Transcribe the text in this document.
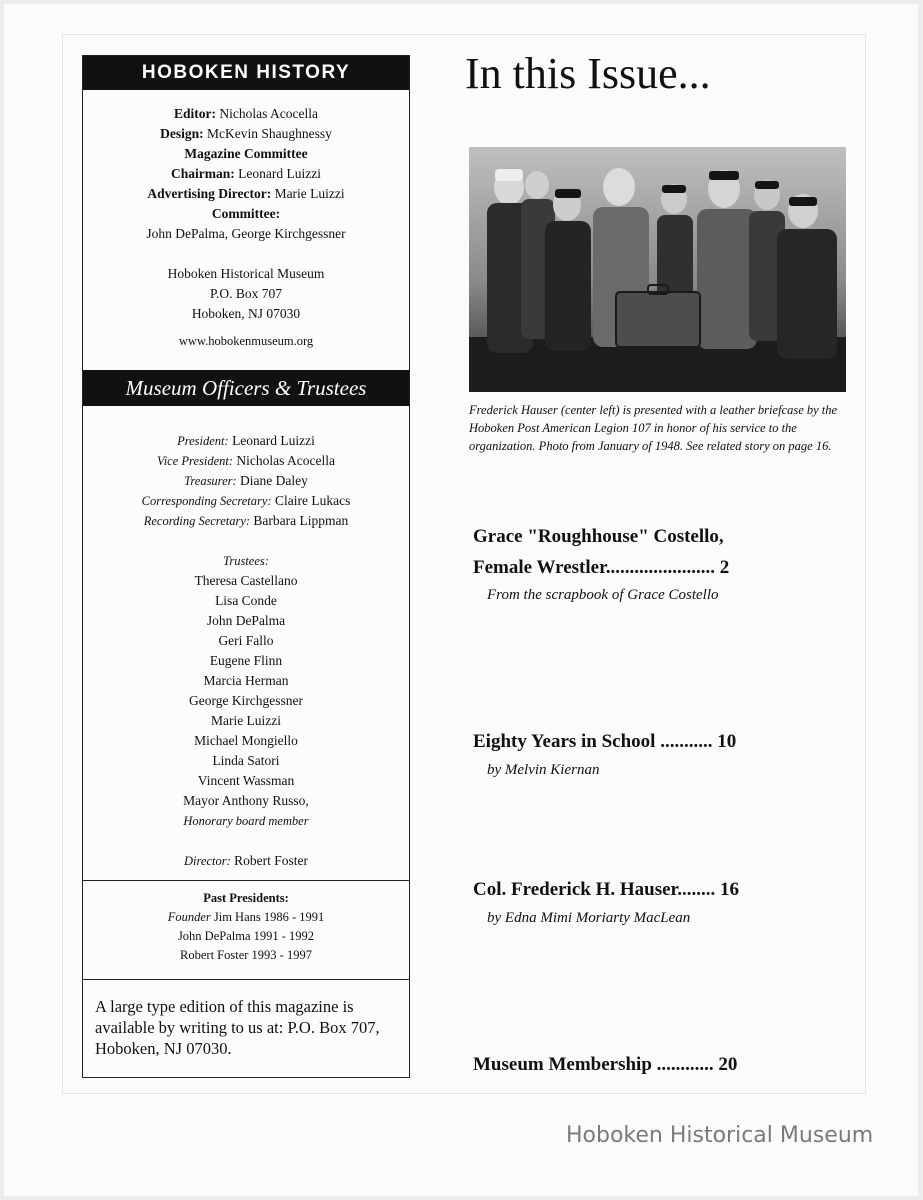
HOBOKEN HISTORY
Editor: Nicholas Acocella
Design: McKevin Shaughnessy
Magazine Committee
Chairman: Leonard Luizzi
Advertising Director: Marie Luizzi
Committee:
John DePalma, George Kirchgessner
Hoboken Historical Museum
P.O. Box 707
Hoboken, NJ 07030
www.hobokenmuseum.org
Museum Officers & Trustees
President: Leonard Luizzi
Vice President: Nicholas Acocella
Treasurer: Diane Daley
Corresponding Secretary: Claire Lukacs
Recording Secretary: Barbara Lippman
Trustees:
Theresa Castellano
Lisa Conde
John DePalma
Geri Fallo
Eugene Flinn
Marcia Herman
George Kirchgessner
Marie Luizzi
Michael Mongiello
Linda Satori
Vincent Wassman
Mayor Anthony Russo,
Honorary board member
Director: Robert Foster
Past Presidents:
Founder Jim Hans 1986 - 1991
John DePalma 1991 - 1992
Robert Foster 1993 - 1997
A large type edition of this magazine is available by writing to us at: P.O. Box 707, Hoboken, NJ 07030.
In this Issue...
Frederick Hauser (center left) is presented with a leather briefcase by the Hoboken Post American Legion 107 in honor of his service to the organization. Photo from January of 1948. See related story on page 16.
Grace "Roughhouse" Costello,
Female Wrestler....................... 2
From the scrapbook of Grace Costello
Eighty Years in School ........... 10
by Melvin Kiernan
Col. Frederick H. Hauser........ 16
by Edna Mimi Moriarty MacLean
Museum Membership ............ 20
Hoboken Historical Museum
